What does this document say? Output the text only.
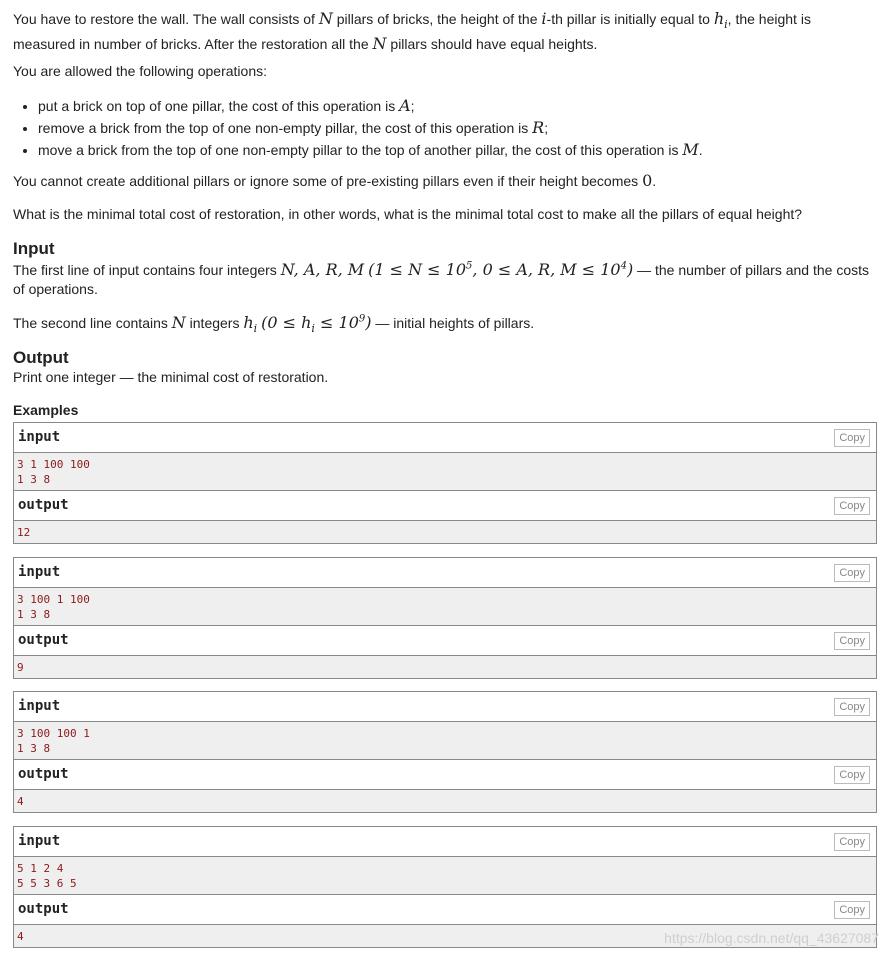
You have to restore the wall. The wall consists of N pillars of bricks, the height of the i-th pillar is initially equal to $h_i$, the height is measured in number of bricks. After the restoration all the N pillars should have equal heights.

You are allowed the following operations:

• put a brick on top of one pillar, the cost of this operation is A;
• remove a brick from the top of one non-empty pillar, the cost of this operation is R;
• move a brick from the top of one non-empty pillar to the top of another pillar, the cost of this operation is M.

You cannot create additional pillars or ignore some of pre-existing pillars even if their height becomes 0.

What is the minimal total cost of restoration, in other words, what is the minimal total cost to make all the pillars of equal height?

Input

The first line of input contains four integers N, A, R, M ($1 \le N \le 10^5$, 0 ≤ A, R, $M \le 10^4$) — the number of pillars and the costs of operations.

The second line contains N integers $h_i$ $(0 \le h_i \le 10^9)$ — initial heights of pillars.

Output

Print one integer — the minimal cost of restoration.

Examples
input	Copy
3 1 100 100
1 3 8
output	Copy
12
input	Copy
3 100 1 100
1 3 8
output	Copy
9
input	Copy
3 100 100 1
1 3 8
output	Copy
4
input	Copy
5 1 2 4
5 5 3 6 5
output	Copy
4	https://blog.csdn.net/qq_43627087
